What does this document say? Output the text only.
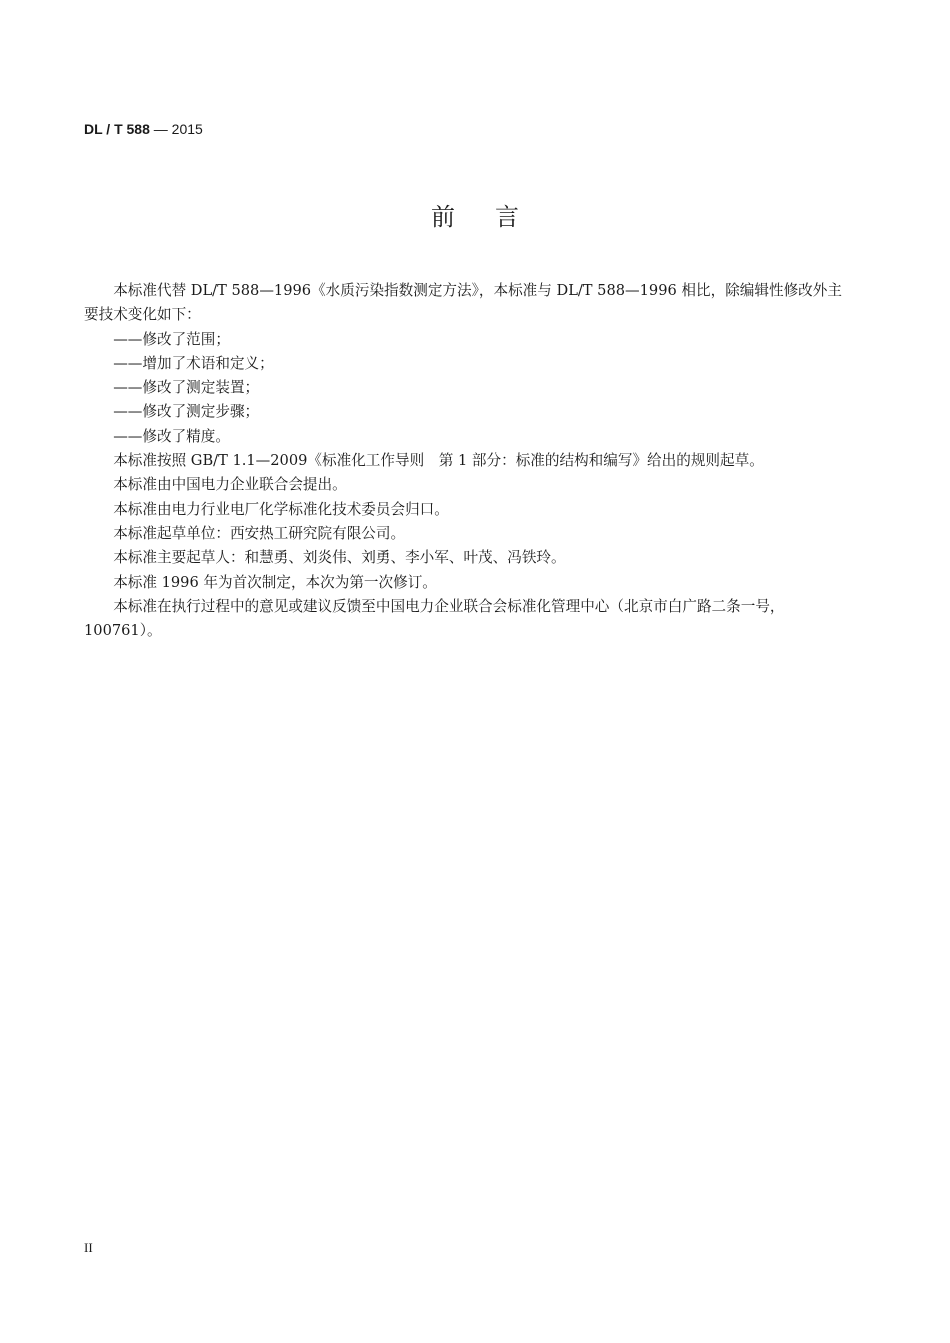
DL / T 588 — 2015
前言

本标准代替 DL/T 588—1996《水质污染指数测定方法》，本标准与 DL/T 588—1996 相比，除编辑性修改外主要技术变化如下：

——修改了范围；

——增加了术语和定义；

——修改了测定装置；

——修改了测定步骤；

——修改了精度。

本标准按照 GB/T 1.1—2009《标准化工作导则　第 1 部分：标准的结构和编写》给出的规则起草。

本标准由中国电力企业联合会提出。

本标准由电力行业电厂化学标准化技术委员会归口。

本标准起草单位：西安热工研究院有限公司。

本标准主要起草人：和慧勇、刘炎伟、刘勇、李小军、叶茂、冯铁玲。

本标准 1996 年为首次制定，本次为第一次修订。

本标准在执行过程中的意见或建议反馈至中国电力企业联合会标准化管理中心（北京市白广路二条一号，100761）。

II
